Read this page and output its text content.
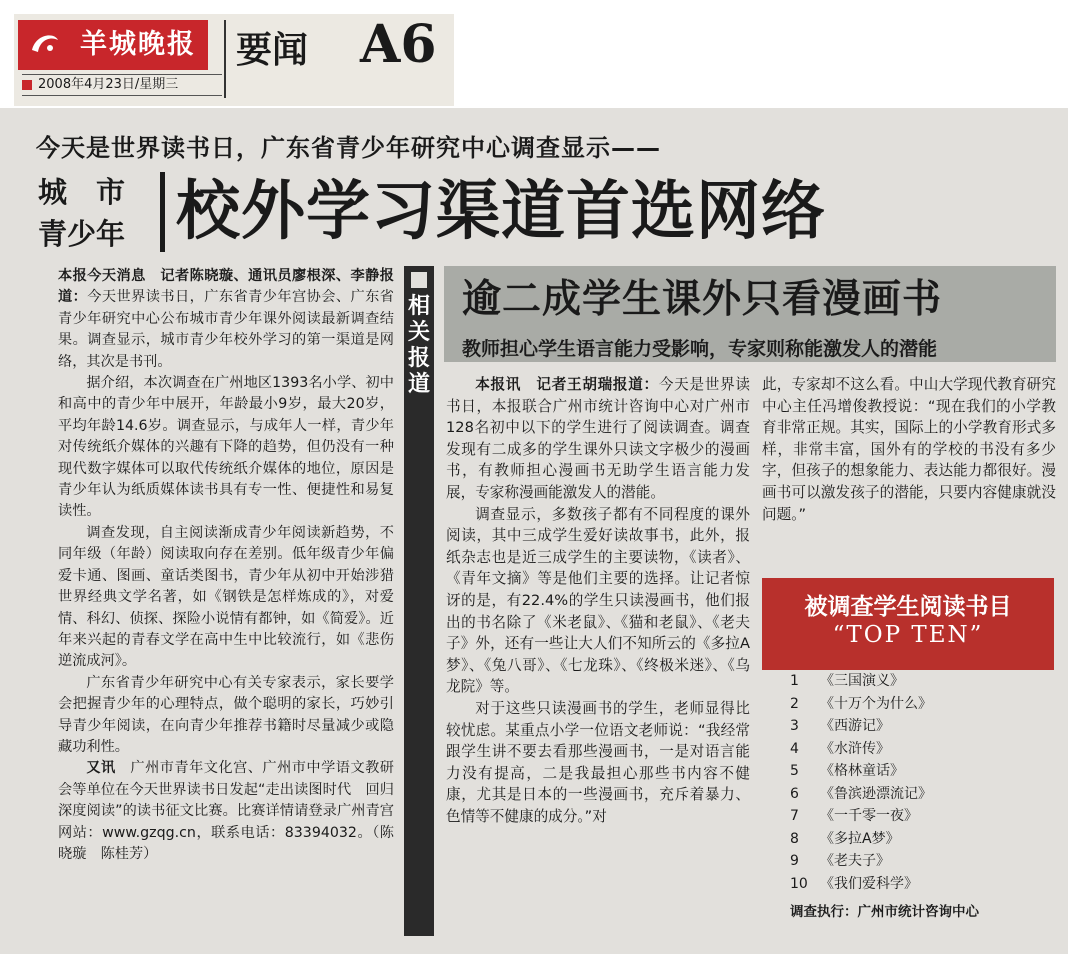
羊城晚报
2008年4月23日/星期三
要闻 A6
今天是世界读书日，广东省青少年研究中心调查显示——
城　市
青少年 校外学习渠道首选网络

本报今天消息　记者陈晓璇、通讯员廖根深、李静报道：今天世界读书日，广东省青少年宫协会、广东省青少年研究中心公布城市青少年课外阅读最新调查结果。调查显示，城市青少年校外学习的第一渠道是网络，其次是书刊。

据介绍，本次调查在广州地区1393名小学、初中和高中的青少年中展开，年龄最小9岁，最大20岁，平均年龄14.6岁。调查显示，与成年人一样，青少年对传统纸介媒体的兴趣有下降的趋势，但仍没有一种现代数字媒体可以取代传统纸介媒体的地位，原因是青少年认为纸质媒体读书具有专一性、便捷性和易复读性。

调查发现，自主阅读渐成青少年阅读新趋势，不同年级（年龄）阅读取向存在差别。低年级青少年偏爱卡通、图画、童话类图书，青少年从初中开始涉猎世界经典文学名著，如《钢铁是怎样炼成的》，对爱情、科幻、侦探、探险小说情有都钟，如《简爱》。近年来兴起的青春文学在高中生中比较流行，如《悲伤逆流成河》。

广东省青少年研究中心有关专家表示，家长要学会把握青少年的心理特点，做个聪明的家长，巧妙引导青少年阅读，在向青少年推荐书籍时尽量减少或隐藏功利性。

又讯　 广州市青年文化宫、广州市中学语文教研会等单位在今天世界读书日发起“走出读图时代　回归深度阅读”的读书征文比赛。比赛详情请登录广州青宫网站：www.gzqg.cn，联系电话：83394032。（陈晓璇　陈桂芳）

相关报道
逾二成学生课外只看漫画书
教师担心学生语言能力受影响，专家则称能激发人的潜能

本报讯　记者王胡瑞报道：今天是世界读书日，本报联合广州市统计咨询中心对广州市128名初中以下的学生进行了阅读调查。调查发现有二成多的学生课外只读文字极少的漫画书，有教师担心漫画书无助学生语言能力发展，专家称漫画能激发人的潜能。

调查显示，多数孩子都有不同程度的课外阅读，其中三成学生爱好读故事书，此外，报纸杂志也是近三成学生的主要读物，《读者》、《青年文摘》等是他们主要的选择。让记者惊讶的是，有22.4%的学生只读漫画书，他们报出的书名除了《米老鼠》、《猫和老鼠》、《老夫子》外，还有一些让大人们不知所云的《多拉A梦》、《兔八哥》、《七龙珠》、《终极米迷》、《乌龙院》等。

对于这些只读漫画书的学生，老师显得比较忧虑。某重点小学一位语文老师说：“我经常跟学生讲不要去看那些漫画书，一是对语言能力没有提高，二是我最担心那些书内容不健康，尤其是日本的一些漫画书，充斥着暴力、色情等不健康的成分。”对

此，专家却不这么看。中山大学现代教育研究中心主任冯增俊教授说：“现在我们的小学教育非常正规。其实，国际上的小学教育形式多样，非常丰富，国外有的学校的书没有多少字，但孩子的想象能力、表达能力都很好。漫画书可以激发孩子的潜能，只要内容健康就没问题。”

被调查学生阅读书目
“TOP TEN”
1 《三国演义》
2 《十万个为什么》
3 《西游记》
4 《水浒传》
5 《格林童话》
6 《鲁滨逊漂流记》
7 《一千零一夜》
8 《多拉A梦》
9 《老夫子》
10 《我们爱科学》
调查执行：广州市统计咨询中心
